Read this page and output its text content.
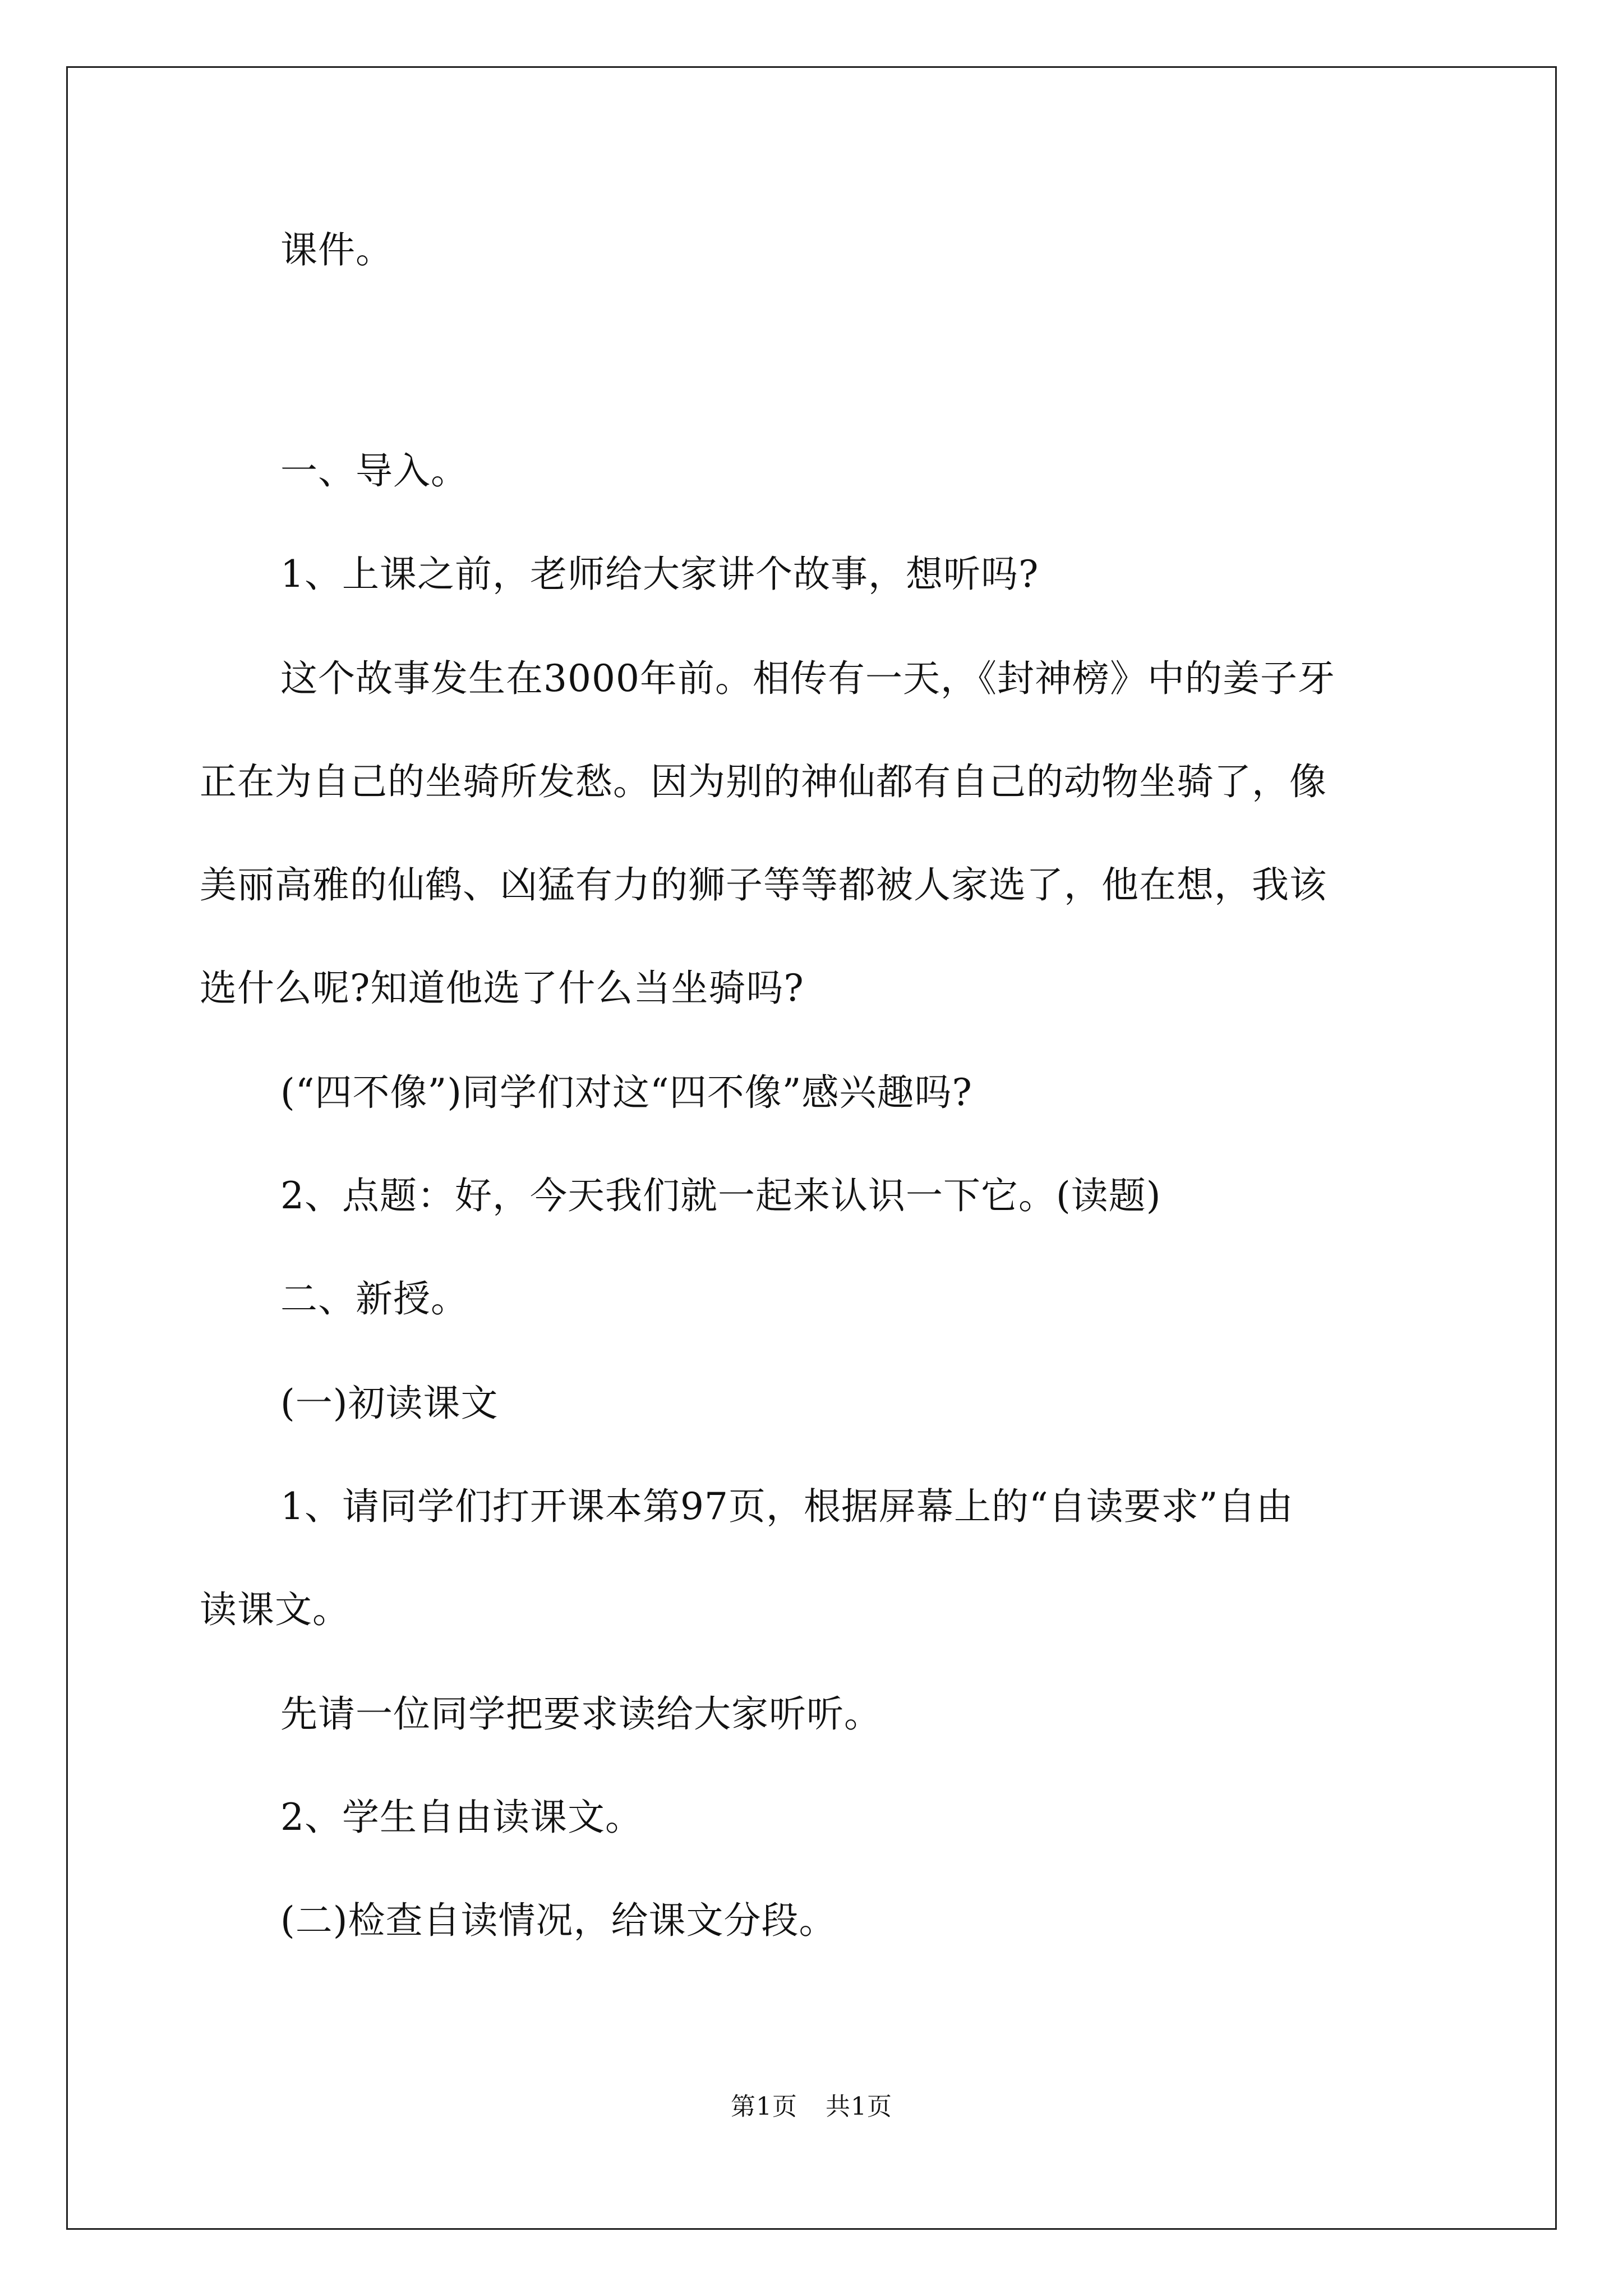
课件。
一、导入。
1、上课之前，老师给大家讲个故事，想听吗?
这个故事发生在3000年前。相传有一天，《封神榜》中的姜子牙
正在为自己的坐骑所发愁。因为别的神仙都有自己的动物坐骑了，像
美丽高雅的仙鹤、凶猛有力的狮子等等都被人家选了，他在想，我该
选什么呢?知道他选了什么当坐骑吗?
(“四不像”)同学们对这“四不像”感兴趣吗?
2、点题：好，今天我们就一起来认识一下它。(读题)
二、新授。
(一)初读课文
1、请同学们打开课本第97页，根据屏幕上的“自读要求”自由
读课文。
先请一位同学把要求读给大家听听。
2、学生自由读课文。
(二)检查自读情况，给课文分段。
第1页 共1页
